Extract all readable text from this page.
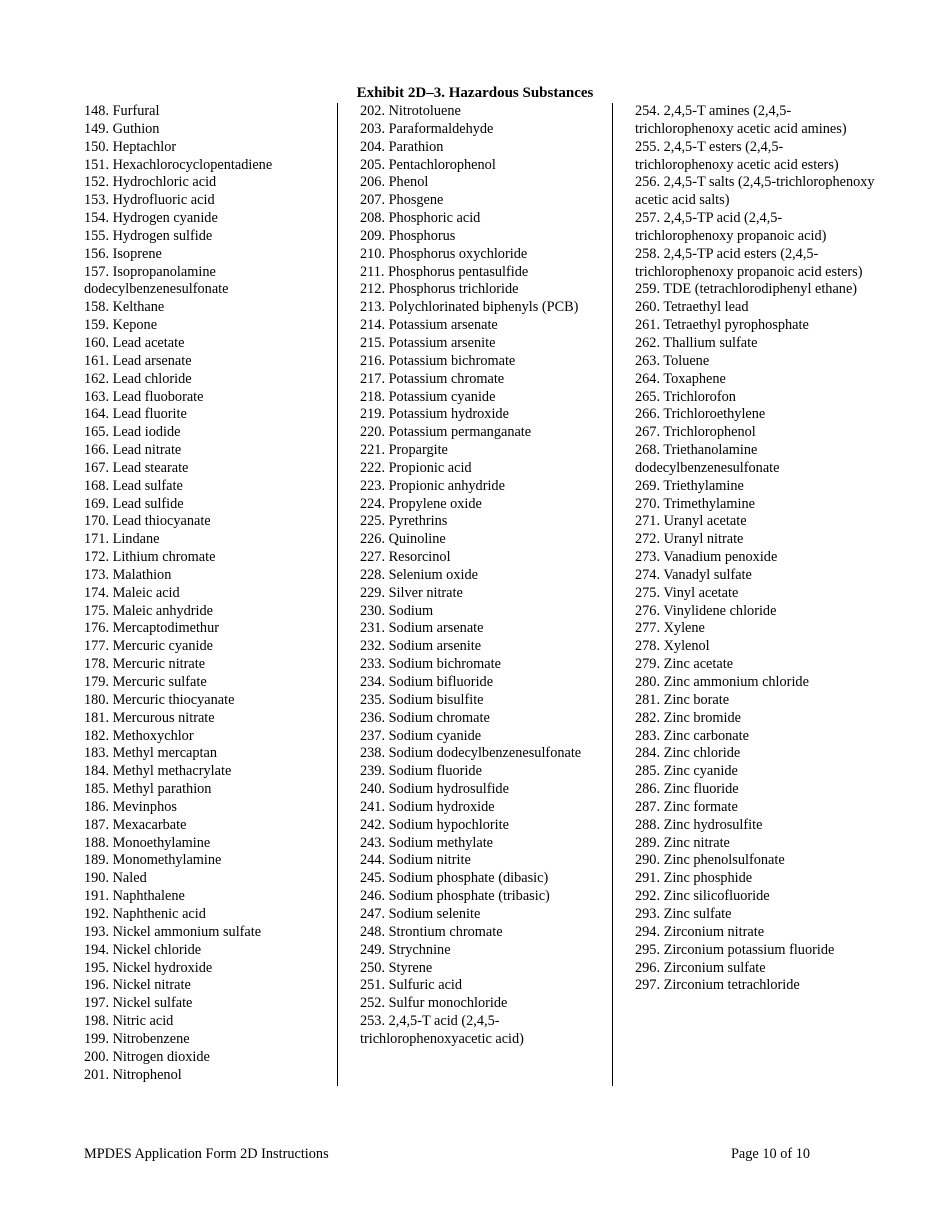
Exhibit 2D–3. Hazardous Substances
148. Furfural
149. Guthion
150. Heptachlor
151. Hexachlorocyclopentadiene
152. Hydrochloric acid
153. Hydrofluoric acid
154. Hydrogen cyanide
155. Hydrogen sulfide
156. Isoprene
157. Isopropanolamine dodecylbenzenesulfonate
158. Kelthane
159. Kepone
160. Lead acetate
161. Lead arsenate
162. Lead chloride
163. Lead fluoborate
164. Lead fluorite
165. Lead iodide
166. Lead nitrate
167. Lead stearate
168. Lead sulfate
169. Lead sulfide
170. Lead thiocyanate
171. Lindane
172. Lithium chromate
173. Malathion
174. Maleic acid
175. Maleic anhydride
176. Mercaptodimethur
177. Mercuric cyanide
178. Mercuric nitrate
179. Mercuric sulfate
180. Mercuric thiocyanate
181. Mercurous nitrate
182. Methoxychlor
183. Methyl mercaptan
184. Methyl methacrylate
185. Methyl parathion
186. Mevinphos
187. Mexacarbate
188. Monoethylamine
189. Monomethylamine
190. Naled
191. Naphthalene
192. Naphthenic acid
193. Nickel ammonium sulfate
194. Nickel chloride
195. Nickel hydroxide
196. Nickel nitrate
197. Nickel sulfate
198. Nitric acid
199. Nitrobenzene
200. Nitrogen dioxide
201. Nitrophenol
202. Nitrotoluene
203. Paraformaldehyde
204. Parathion
205. Pentachlorophenol
206. Phenol
207. Phosgene
208. Phosphoric acid
209. Phosphorus
210. Phosphorus oxychloride
211. Phosphorus pentasulfide
212. Phosphorus trichloride
213. Polychlorinated biphenyls (PCB)
214. Potassium arsenate
215. Potassium arsenite
216. Potassium bichromate
217. Potassium chromate
218. Potassium cyanide
219. Potassium hydroxide
220. Potassium permanganate
221. Propargite
222. Propionic acid
223. Propionic anhydride
224. Propylene oxide
225. Pyrethrins
226. Quinoline
227. Resorcinol
228. Selenium oxide
229. Silver nitrate
230. Sodium
231. Sodium arsenate
232. Sodium arsenite
233. Sodium bichromate
234. Sodium bifluoride
235. Sodium bisulfite
236. Sodium chromate
237. Sodium cyanide
238. Sodium dodecylbenzenesulfonate
239. Sodium fluoride
240. Sodium hydrosulfide
241. Sodium hydroxide
242. Sodium hypochlorite
243. Sodium methylate
244. Sodium nitrite
245. Sodium phosphate (dibasic)
246. Sodium phosphate (tribasic)
247. Sodium selenite
248. Strontium chromate
249. Strychnine
250. Styrene
251. Sulfuric acid
252. Sulfur monochloride
253. 2,4,5-T acid (2,4,5-trichlorophenoxyacetic acid)
254. 2,4,5-T amines (2,4,5-trichlorophenoxy acetic acid amines)
255. 2,4,5-T esters (2,4,5-trichlorophenoxy acetic acid esters)
256. 2,4,5-T salts (2,4,5-trichlorophenoxy acetic acid salts)
257. 2,4,5-TP acid (2,4,5-trichlorophenoxy propanoic acid)
258. 2,4,5-TP acid esters (2,4,5-trichlorophenoxy propanoic acid esters)
259. TDE (tetrachlorodiphenyl ethane)
260. Tetraethyl lead
261. Tetraethyl pyrophosphate
262. Thallium sulfate
263. Toluene
264. Toxaphene
265. Trichlorofon
266. Trichloroethylene
267. Trichlorophenol
268. Triethanolamine dodecylbenzenesulfonate
269. Triethylamine
270. Trimethylamine
271. Uranyl acetate
272. Uranyl nitrate
273. Vanadium penoxide
274. Vanadyl sulfate
275. Vinyl acetate
276. Vinylidene chloride
277. Xylene
278. Xylenol
279. Zinc acetate
280. Zinc ammonium chloride
281. Zinc borate
282. Zinc bromide
283. Zinc carbonate
284. Zinc chloride
285. Zinc cyanide
286. Zinc fluoride
287. Zinc formate
288. Zinc hydrosulfite
289. Zinc nitrate
290. Zinc phenolsulfonate
291. Zinc phosphide
292. Zinc silicofluoride
293. Zinc sulfate
294. Zirconium nitrate
295. Zirconium potassium fluoride
296. Zirconium sulfate
297. Zirconium tetrachloride
MPDES Application Form 2D Instructions	Page 10 of 10
